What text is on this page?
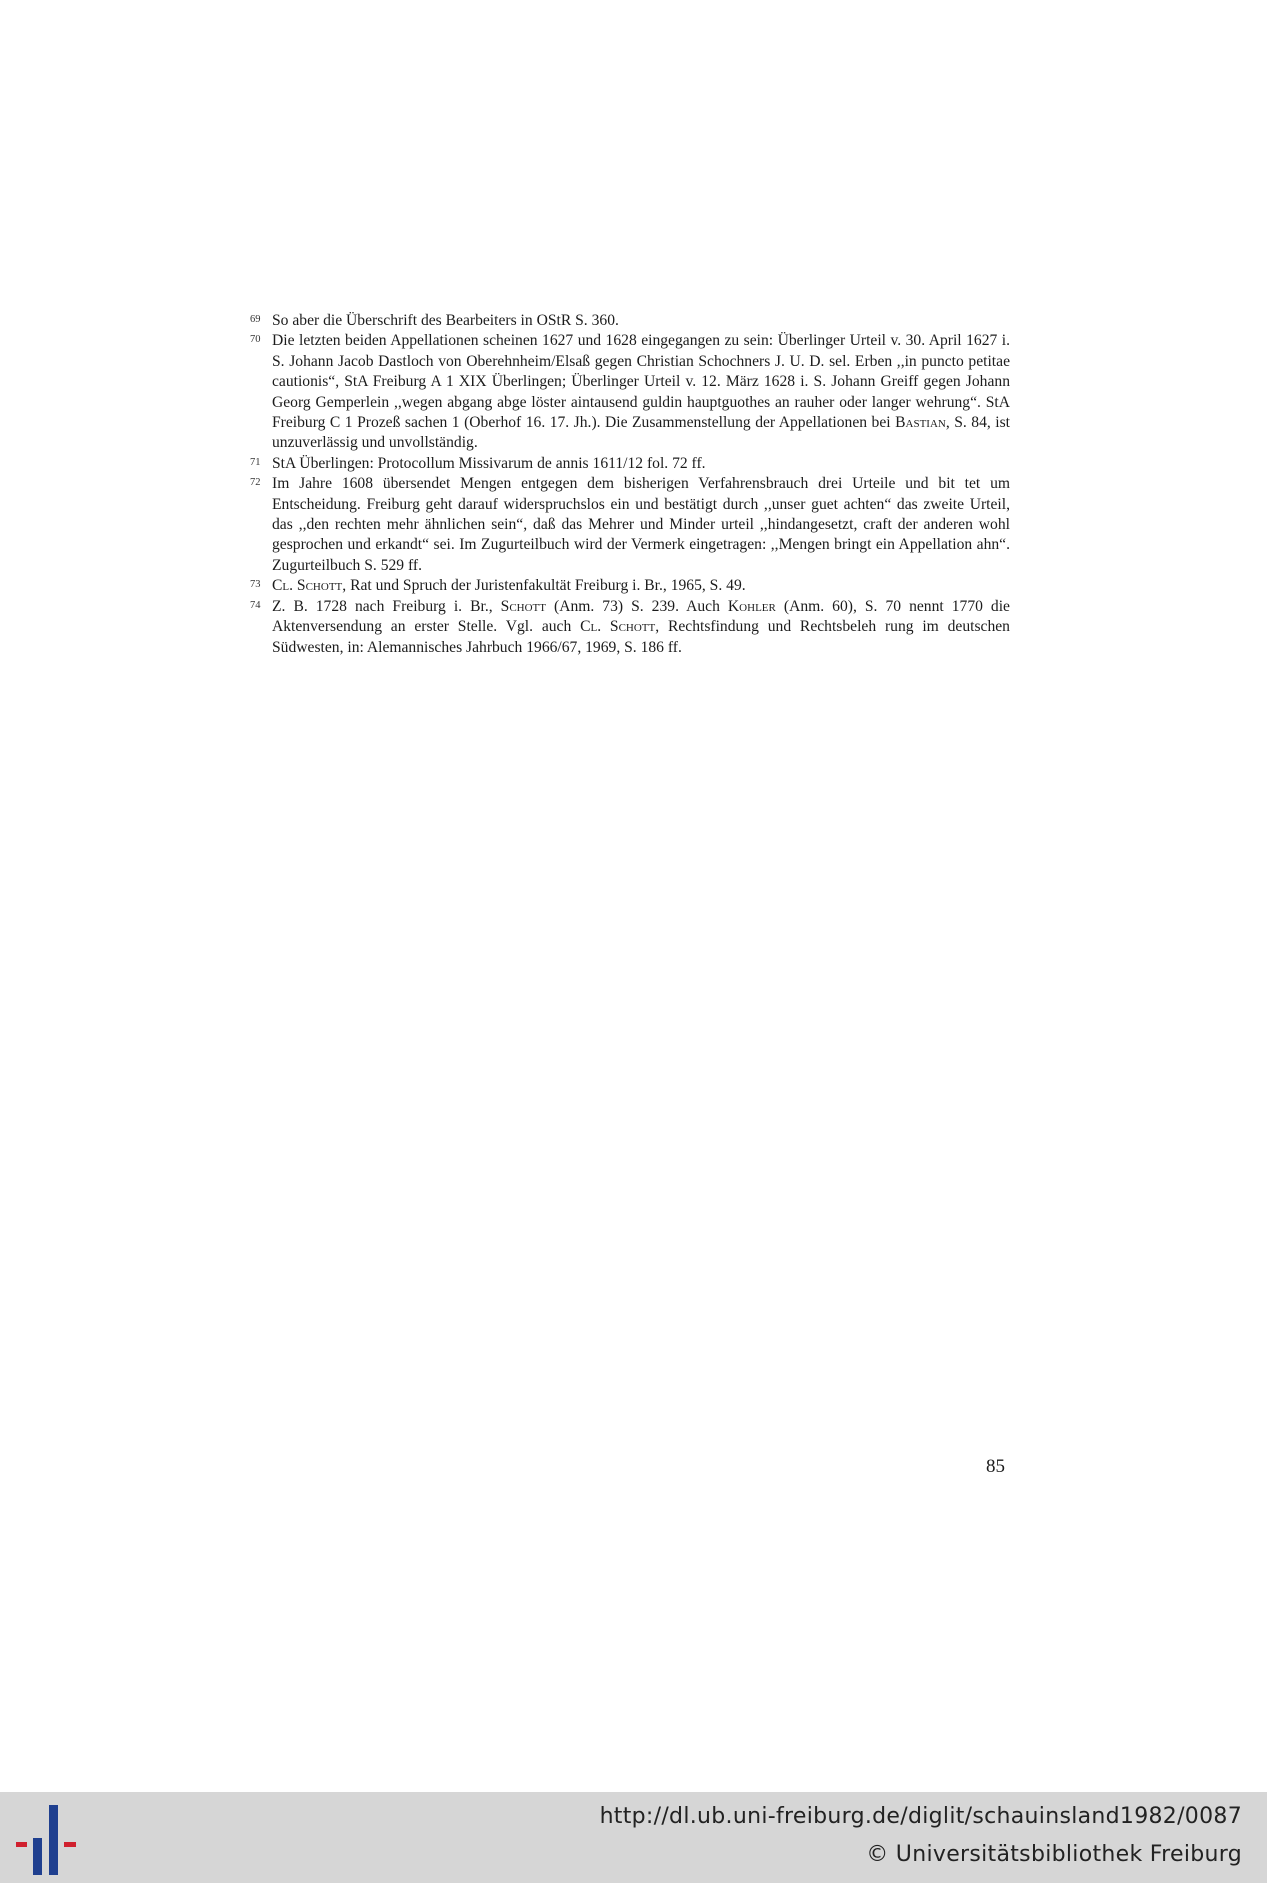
69 So aber die Überschrift des Bearbeiters in OStR S. 360.

70 Die letzten beiden Appellationen scheinen 1627 und 1628 eingegangen zu sein: Überlinger Urteil v. 30. April 1627 i. S. Johann Jacob Dastloch von Oberehnheim/Elsaß gegen Christian Schochners J. U. D. sel. Erben ,,in puncto petitae cautionis“, StA Freiburg A 1 XIX Überlingen; Überlinger Urteil v. 12. März 1628 i. S. Johann Greiff gegen Johann Georg Gemperlein ,,wegen abgang abge löster aintausend guldin hauptguothes an rauher oder langer wehrung“. StA Freiburg C 1 Prozeß sachen 1 (Oberhof 16. 17. Jh.). Die Zusammenstellung der Appellationen bei Bastian, S. 84, ist unzuverlässig und unvollständig.

71 StA Überlingen: Protocollum Missivarum de annis 1611/12 fol. 72 ff.

72 Im Jahre 1608 übersendet Mengen entgegen dem bisherigen Verfahrensbrauch drei Urteile und bit tet um Entscheidung. Freiburg geht darauf widerspruchslos ein und bestätigt durch ,,unser guet achten“ das zweite Urteil, das ,,den rechten mehr ähnlichen sein“, daß das Mehrer und Minder urteil ,,hindangesetzt, craft der anderen wohl gesprochen und erkandt“ sei. Im Zugurteilbuch wird der Vermerk eingetragen: ,,Mengen bringt ein Appellation ahn“. Zugurteilbuch S. 529 ff.

73 Cl. Schott, Rat und Spruch der Juristenfakultät Freiburg i. Br., 1965, S. 49.

74 Z. B. 1728 nach Freiburg i. Br., Schott (Anm. 73) S. 239. Auch Kohler (Anm. 60), S. 70 nennt 1770 die Aktenversendung an erster Stelle. Vgl. auch Cl. Schott, Rechtsfindung und Rechtsbeleh rung im deutschen Südwesten, in: Alemannisches Jahrbuch 1966/67, 1969, S. 186 ff.

85
http://dl.ub.uni-freiburg.de/diglit/schauinsland1982/0087
© Universitätsbibliothek Freiburg
